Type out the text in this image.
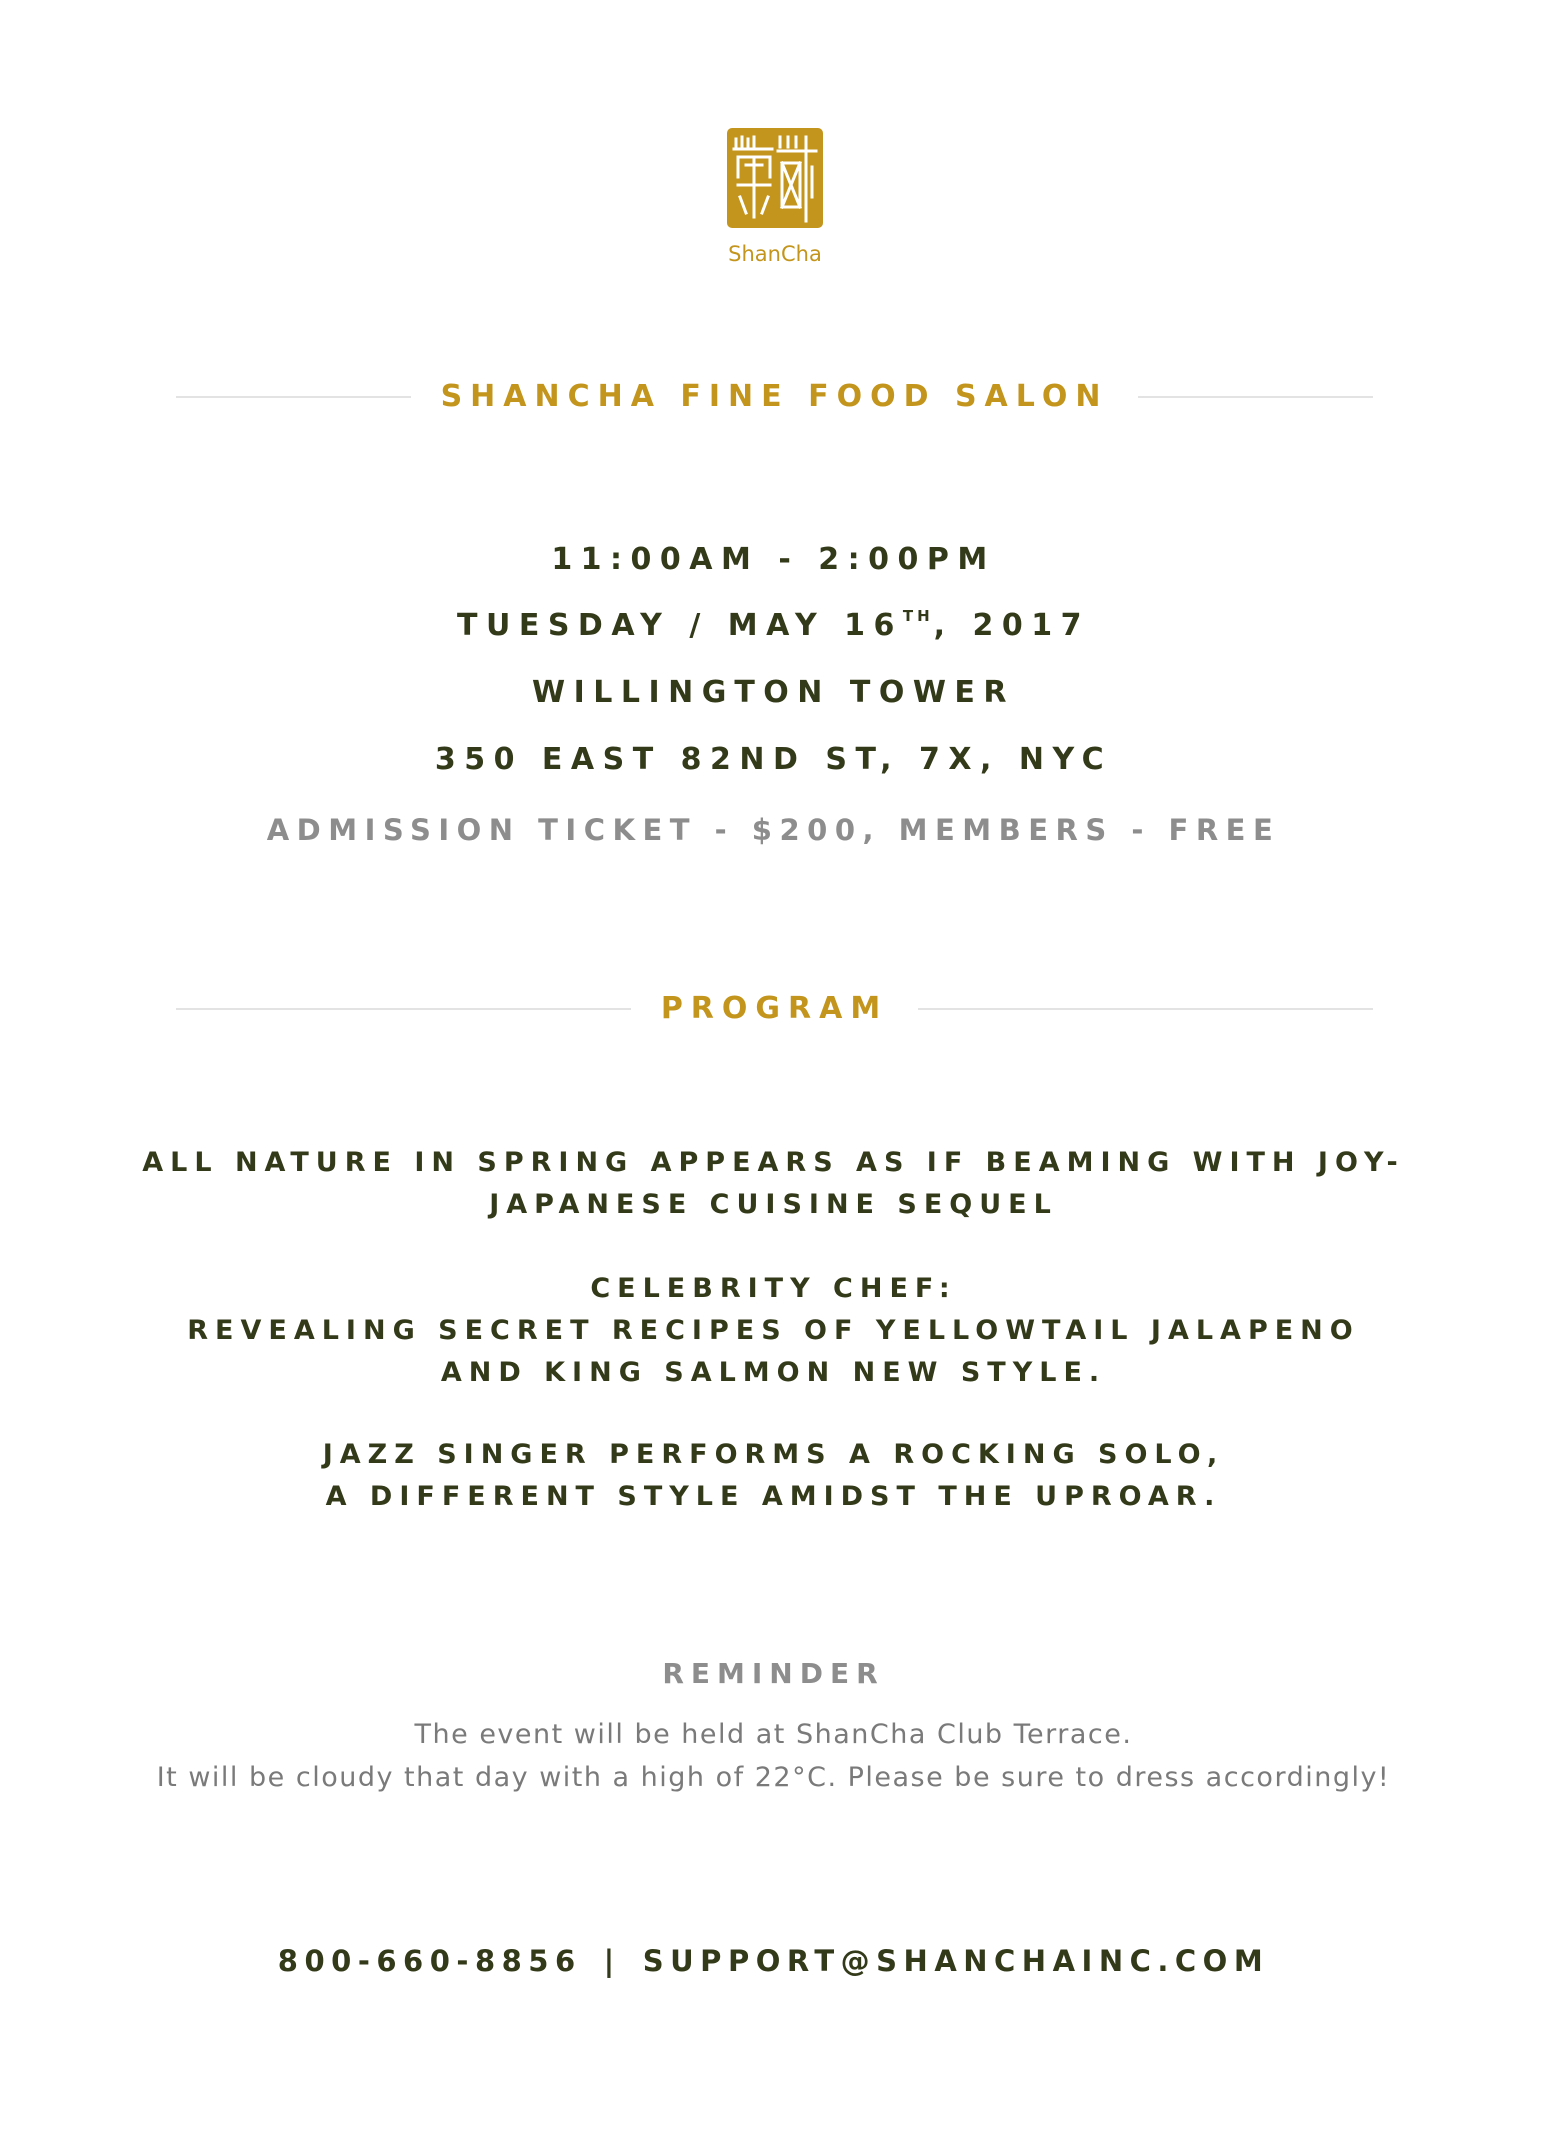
ShanCha
SHANCHA FINE FOOD SALON
11:00AM - 2:00PM
TUESDAY / MAY 16TH, 2017
WILLINGTON TOWER
350 EAST 82ND ST, 7X, NYC
ADMISSION TICKET - $200, MEMBERS - FREE
PROGRAM
ALL NATURE IN SPRING APPEARS AS IF BEAMING WITH JOY-
JAPANESE CUISINE SEQUEL
CELEBRITY CHEF:
REVEALING SECRET RECIPES OF YELLOWTAIL JALAPENO
AND KING SALMON NEW STYLE.
JAZZ SINGER PERFORMS A ROCKING SOLO,
A DIFFERENT STYLE AMIDST THE UPROAR.
REMINDER
The event will be held at ShanCha Club Terrace.
It will be cloudy that day with a high of 22°C. Please be sure to dress accordingly!
800-660-8856 | SUPPORT@SHANCHAINC.COM
